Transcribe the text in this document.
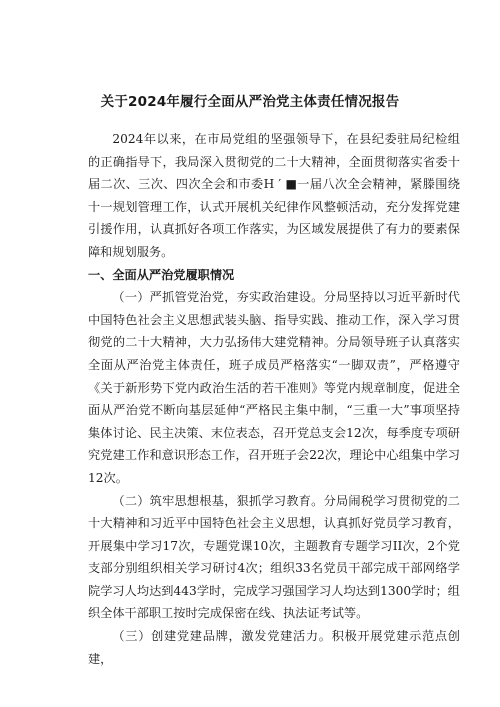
关于2024年履行全面从严治党主体责任情况报告

2024年以来，在市局党组的坚强领导下，在县纪委驻局纪检组的正确指导下，我局深入贯彻党的二十大精神，全面贯彻落实省委十届二次、三次、四次全会和市委H ′ ■一届八次全会精神，紧滕围绕十一规划管理工作，认式开展机关纪律作风整顿活动，充分发挥党建引援作用，认真抓好各项工作落实，为区域发展提供了有力的要素保障和规划服务。

一、全面从严治党履职情况

（一）严抓管党治党，夯实政治建设。分局坚持以习近平新时代中国特色社会主义思想武装头脑、指导实践、推动工作，深入学习贯彻党的二十大精神，大力弘扬伟大建党精神。分局领导班子认真落实全面从严治党主体责任，班子成员严格落实“一脚双责”，严格遵守《关于新形势下党内政治生活的若干准则》等党内规章制度，促进全面从严治党不断向基层延伸“严格民主集中制，“三重一大”事项坚持集体讨论、民主决策、末位表态，召开党总支会12次，每季度专项研究党建工作和意识形态工作，召开班子会22次，理论中心组集中学习12次。

（二）筑牢思想根基，狠抓学习教育。分局闹税学习贯彻党的二十大精神和习近平中国特色社会主义思想，认真抓好党员学习教育，开展集中学习17次，专题党课10次，主题教育专题学习II次，2个党支部分别组织相关学习研讨4次；组织33名党员干部完成干部网络学院学习人均达到443学时，完成学习强国学习人均达到1300学时；组织全体干部职工按时完成保密在线、执法证考试等。

（三）创建党建品牌，激发党建活力。积极开展党建示范点创建，
